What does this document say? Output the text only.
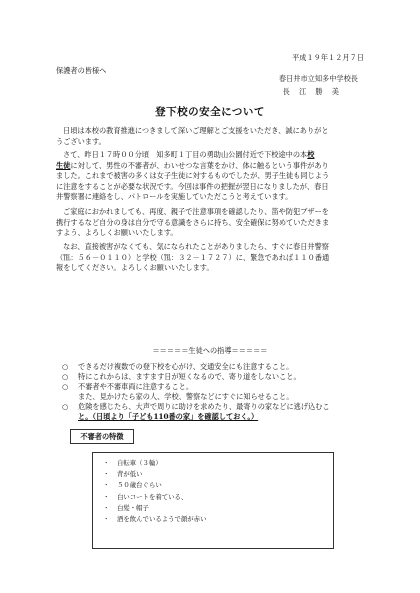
平成１９年１２月７日
保護者の皆様へ
春日井市立知多中学校長
長　江　勝　美
登下校の安全について
日頃は本校の教育推進につきまして深いご理解とご支援をいただき、誠にありがと
うございます。
さて、昨日１７時００分頃　知多町１丁目の勇助山公園付近で下校途中の本校
生徒に対して、男性の不審者が、わいせつな言葉をかけ、体に触るという事件があり
ました。これまで被害の多くは女子生徒に対するものでしたが、男子生徒も同じよう
に注意をすることが必要な状況です。今回は事件の把握が翌日になりましたが、春日
井警察署に連絡をし、パトロールを実施していただこうと考えています。
ご家庭におかれましても、再度、親子で注意事項を確認したり、笛や防犯ブザーを
携行するなど自分の身は自分で守る意識をさらに持ち、安全確保に努めていただきま
すよう、よろしくお願いいたします。
なお、直接被害がなくても、気になられたことがありましたら、すぐに春日井警察
（℡：５６－０１１０）と学校（℡：３２－１７２７）に、緊急であれば１１０番通
報をしてください。よろしくお願いいたします。
＝＝＝＝＝生徒への指導＝＝＝＝＝
○ できるだけ複数での登下校を心がけ、交通安全にも注意すること。
○ 特にこれからは、ますます日が短くなるので、寄り道をしないこと。
○ 不審者や不審車両に注意すること。
また、見かけたら家の人、学校、警察などにすぐに知らせること。
○ 危険を感じたら、大声で周りに助けを求めたり、最寄りの家などに逃げ込むこ
と。（日頃より「子ども110番の家」を確認しておく。）
不審者の特徴
・ 自転車（３輪）
・ 背が低い
・ ５０歳台ぐらい
・ 白いコートを着ている、
・ 白髪・帽子
・ 酒を飲んでいるようで顔が赤い
